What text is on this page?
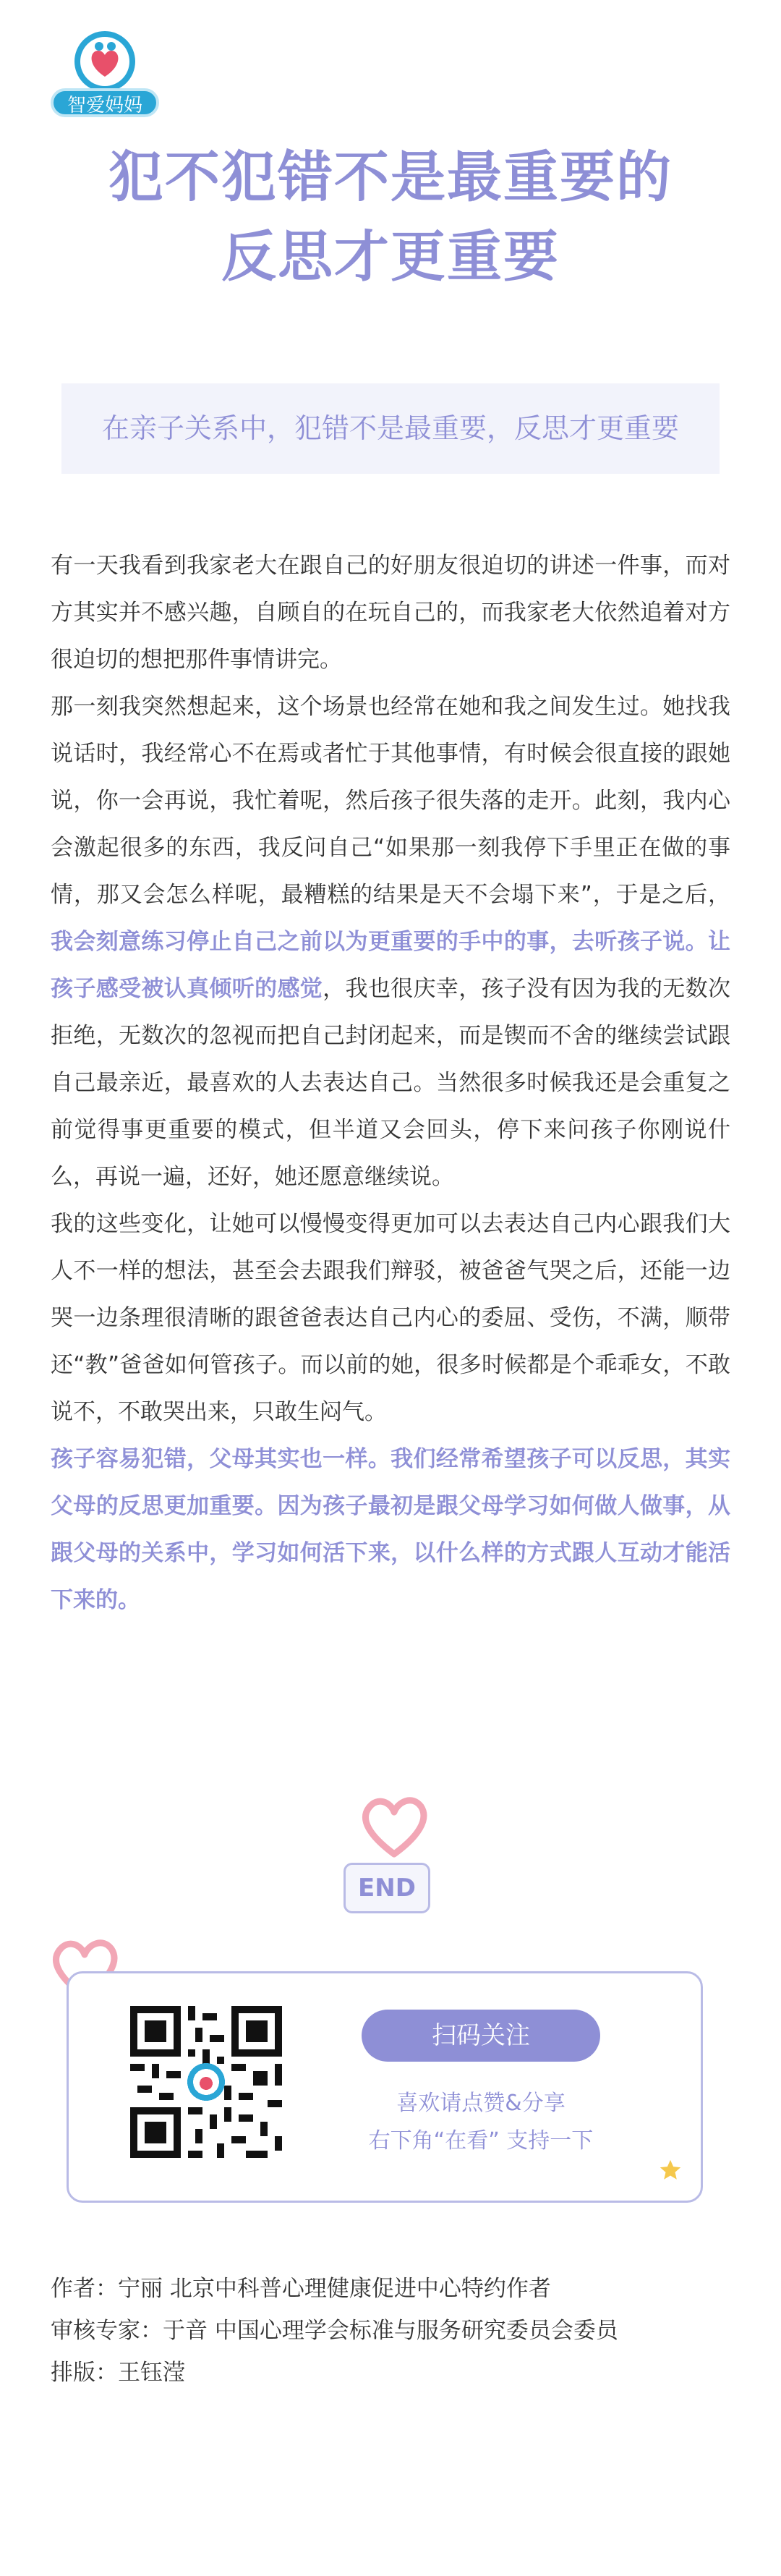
智爱妈妈
犯不犯错不是最重要的
反思才更重要
在亲子关系中，犯错不是最重要，反思才更重要

有一天我看到我家老大在跟自己的好朋友很迫切的讲述一件事，而对方其实并不感兴趣，自顾自的在玩自己的，而我家老大依然追着对方很迫切的想把那件事情讲完。

那一刻我突然想起来，这个场景也经常在她和我之间发生过。她找我说话时，我经常心不在焉或者忙于其他事情，有时候会很直接的跟她说，你一会再说，我忙着呢，然后孩子很失落的走开。此刻，我内心会激起很多的东西，我反问自己“如果那一刻我停下手里正在做的事情，那又会怎么样呢，最糟糕的结果是天不会塌下来”，于是之后，我会刻意练习停止自己之前以为更重要的手中的事，去听孩子说。让孩子感受被认真倾听的感觉，我也很庆幸，孩子没有因为我的无数次拒绝，无数次的忽视而把自己封闭起来，而是锲而不舍的继续尝试跟自己最亲近，最喜欢的人去表达自己。当然很多时候我还是会重复之前觉得事更重要的模式，但半道又会回头，停下来问孩子你刚说什么，再说一遍，还好，她还愿意继续说。

我的这些变化，让她可以慢慢变得更加可以去表达自己内心跟我们大人不一样的想法，甚至会去跟我们辩驳，被爸爸气哭之后，还能一边哭一边条理很清晰的跟爸爸表达自己内心的委屈、受伤，不满，顺带还“教”爸爸如何管孩子。而以前的她，很多时候都是个乖乖女，不敢说不，不敢哭出来，只敢生闷气。

孩子容易犯错，父母其实也一样。我们经常希望孩子可以反思，其实父母的反思更加重要。因为孩子最初是跟父母学习如何做人做事，从跟父母的关系中，学习如何活下来，以什么样的方式跟人互动才能活下来的。

END
扫码关注
喜欢请点赞&分享
右下角“在看” 支持一下
作者：宁丽 北京中科普心理健康促进中心特约作者
审核专家：于音 中国心理学会标准与服务研究委员会委员
排版：王钰滢
